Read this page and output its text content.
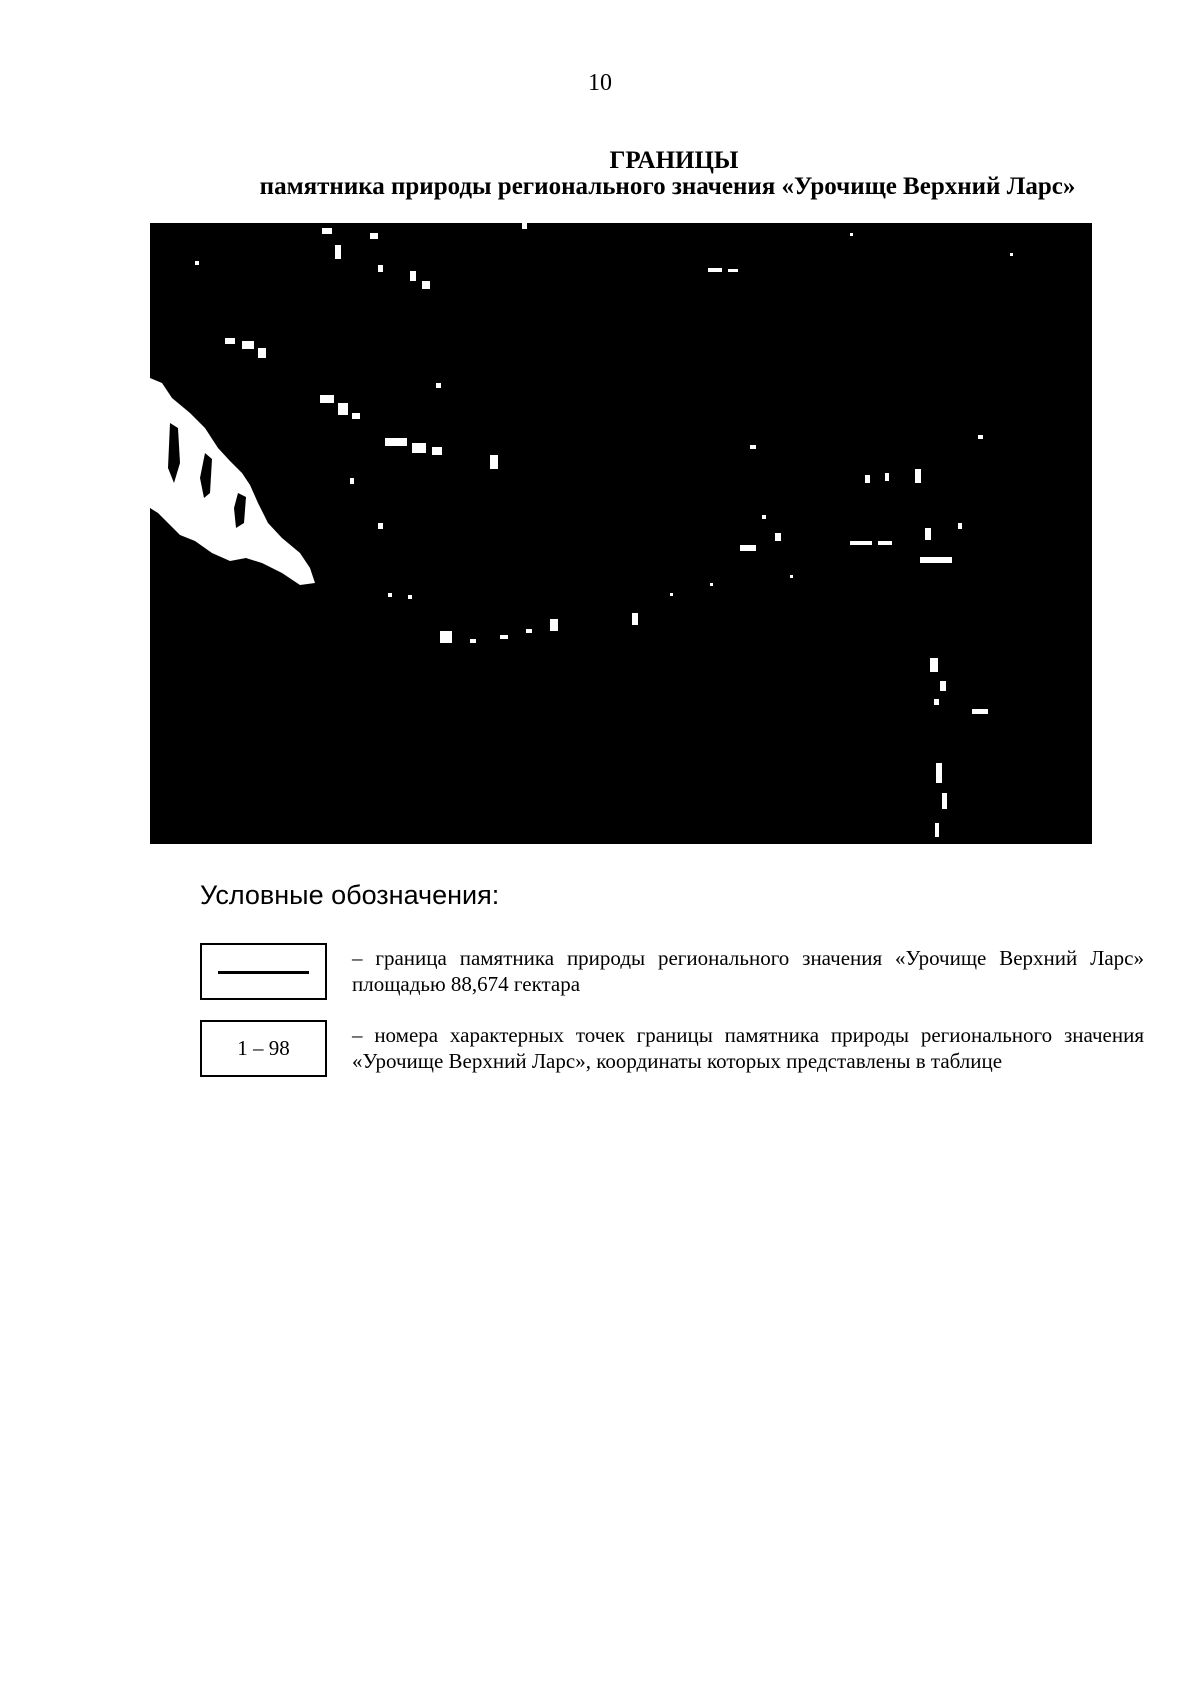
10
ГРАНИЦЫ
памятника природы регионального значения «Урочище Верхний Ларс»
Условные обозначения:
– граница памятника природы регионального значения «Урочище Верхний Ларс» площадью 88,674 гектара
1 – 98
– номера характерных точек границы памятника природы регионального значения «Урочище Верхний Ларс», координаты которых представлены в таблице
